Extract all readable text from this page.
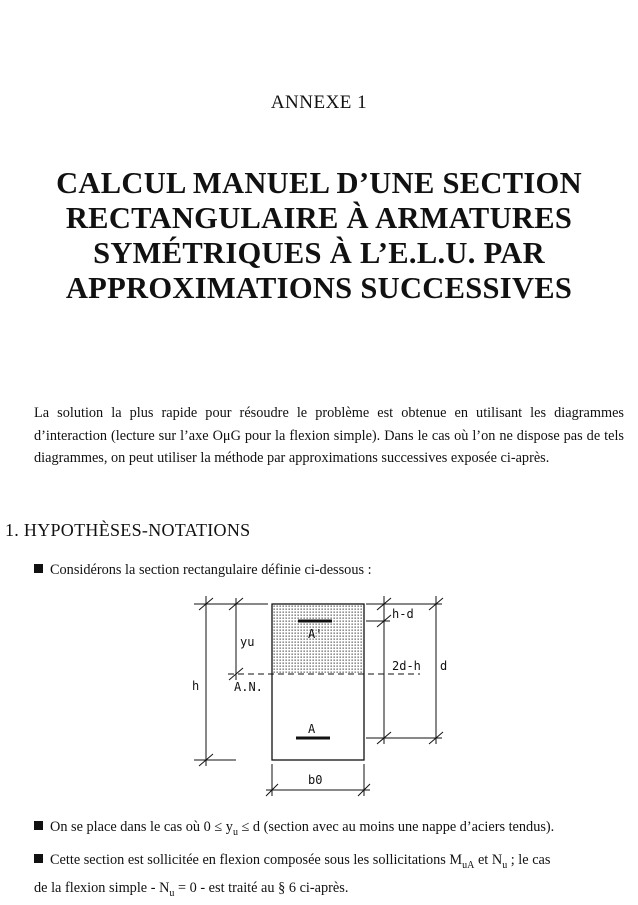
ANNEXE 1
CALCUL MANUEL D’UNE SECTION
RECTANGULAIRE À ARMATURES
SYMÉTRIQUES À L’E.L.U. PAR
APPROXIMATIONS SUCCESSIVES
La solution la plus rapide pour résoudre le problème est obtenue en utilisant les diagrammes d’interaction (lecture sur l’axe OμG pour la flexion simple). Dans le cas où l’on ne dispose pas de tels diagrammes, on peut utiliser la méthode par approximations successives exposée ci-après.
1. HYPOTHÈSES-NOTATIONS
Considérons la section rectangulaire définie ci-dessous :
yu
A'
h	A.N.
A
b0
h-d
2d-h d
On se place dans le cas où $0 \le y_u \le d$ (section avec au moins une nappe d’aciers tendus).
Cette section est sollicitée en flexion composée sous les sollicitations $M_{uA}$ et $N_u$ ; le cas
de la flexion simple - $N_u = 0$ - est traité au § 6 ci-après.
